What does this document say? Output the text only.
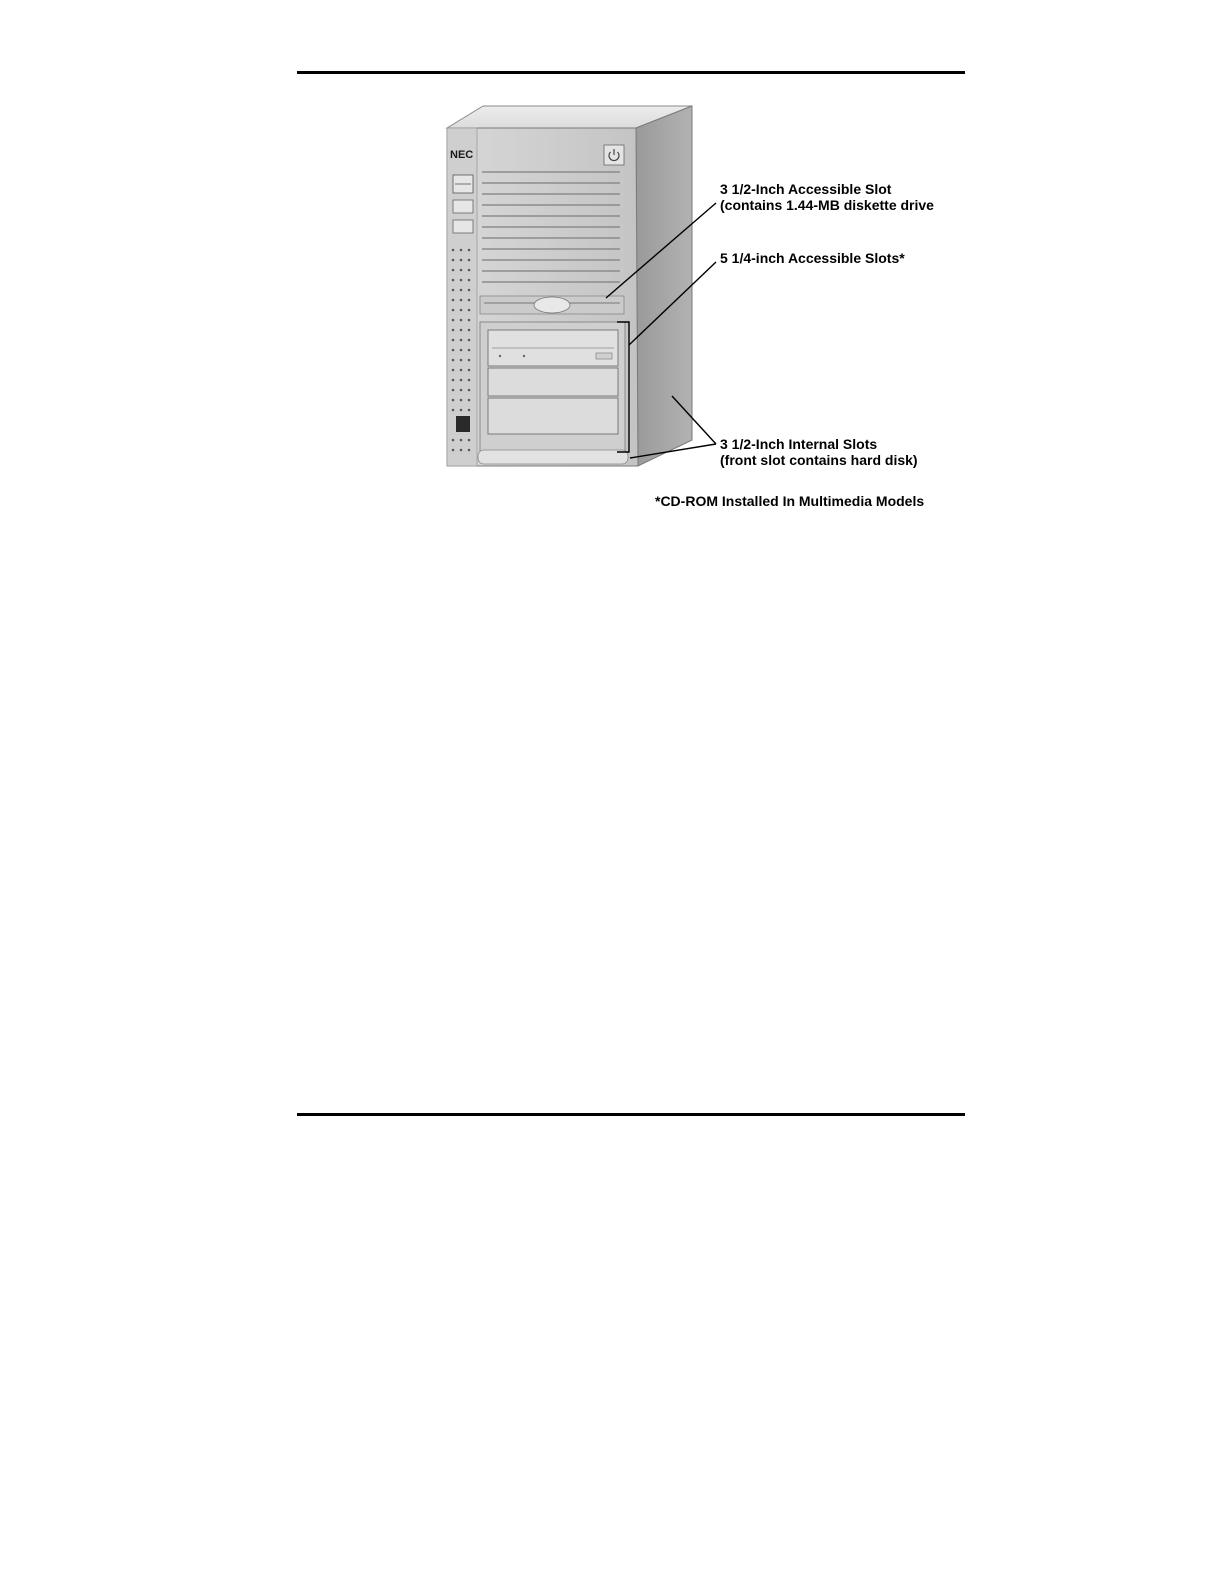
NEC
3 1/2-Inch Accessible Slot
(contains 1.44-MB diskette drive
5 1/4-inch Accessible Slots*
3 1/2-Inch Internal Slots
(front slot contains hard disk)
*CD-ROM Installed In Multimedia Models
